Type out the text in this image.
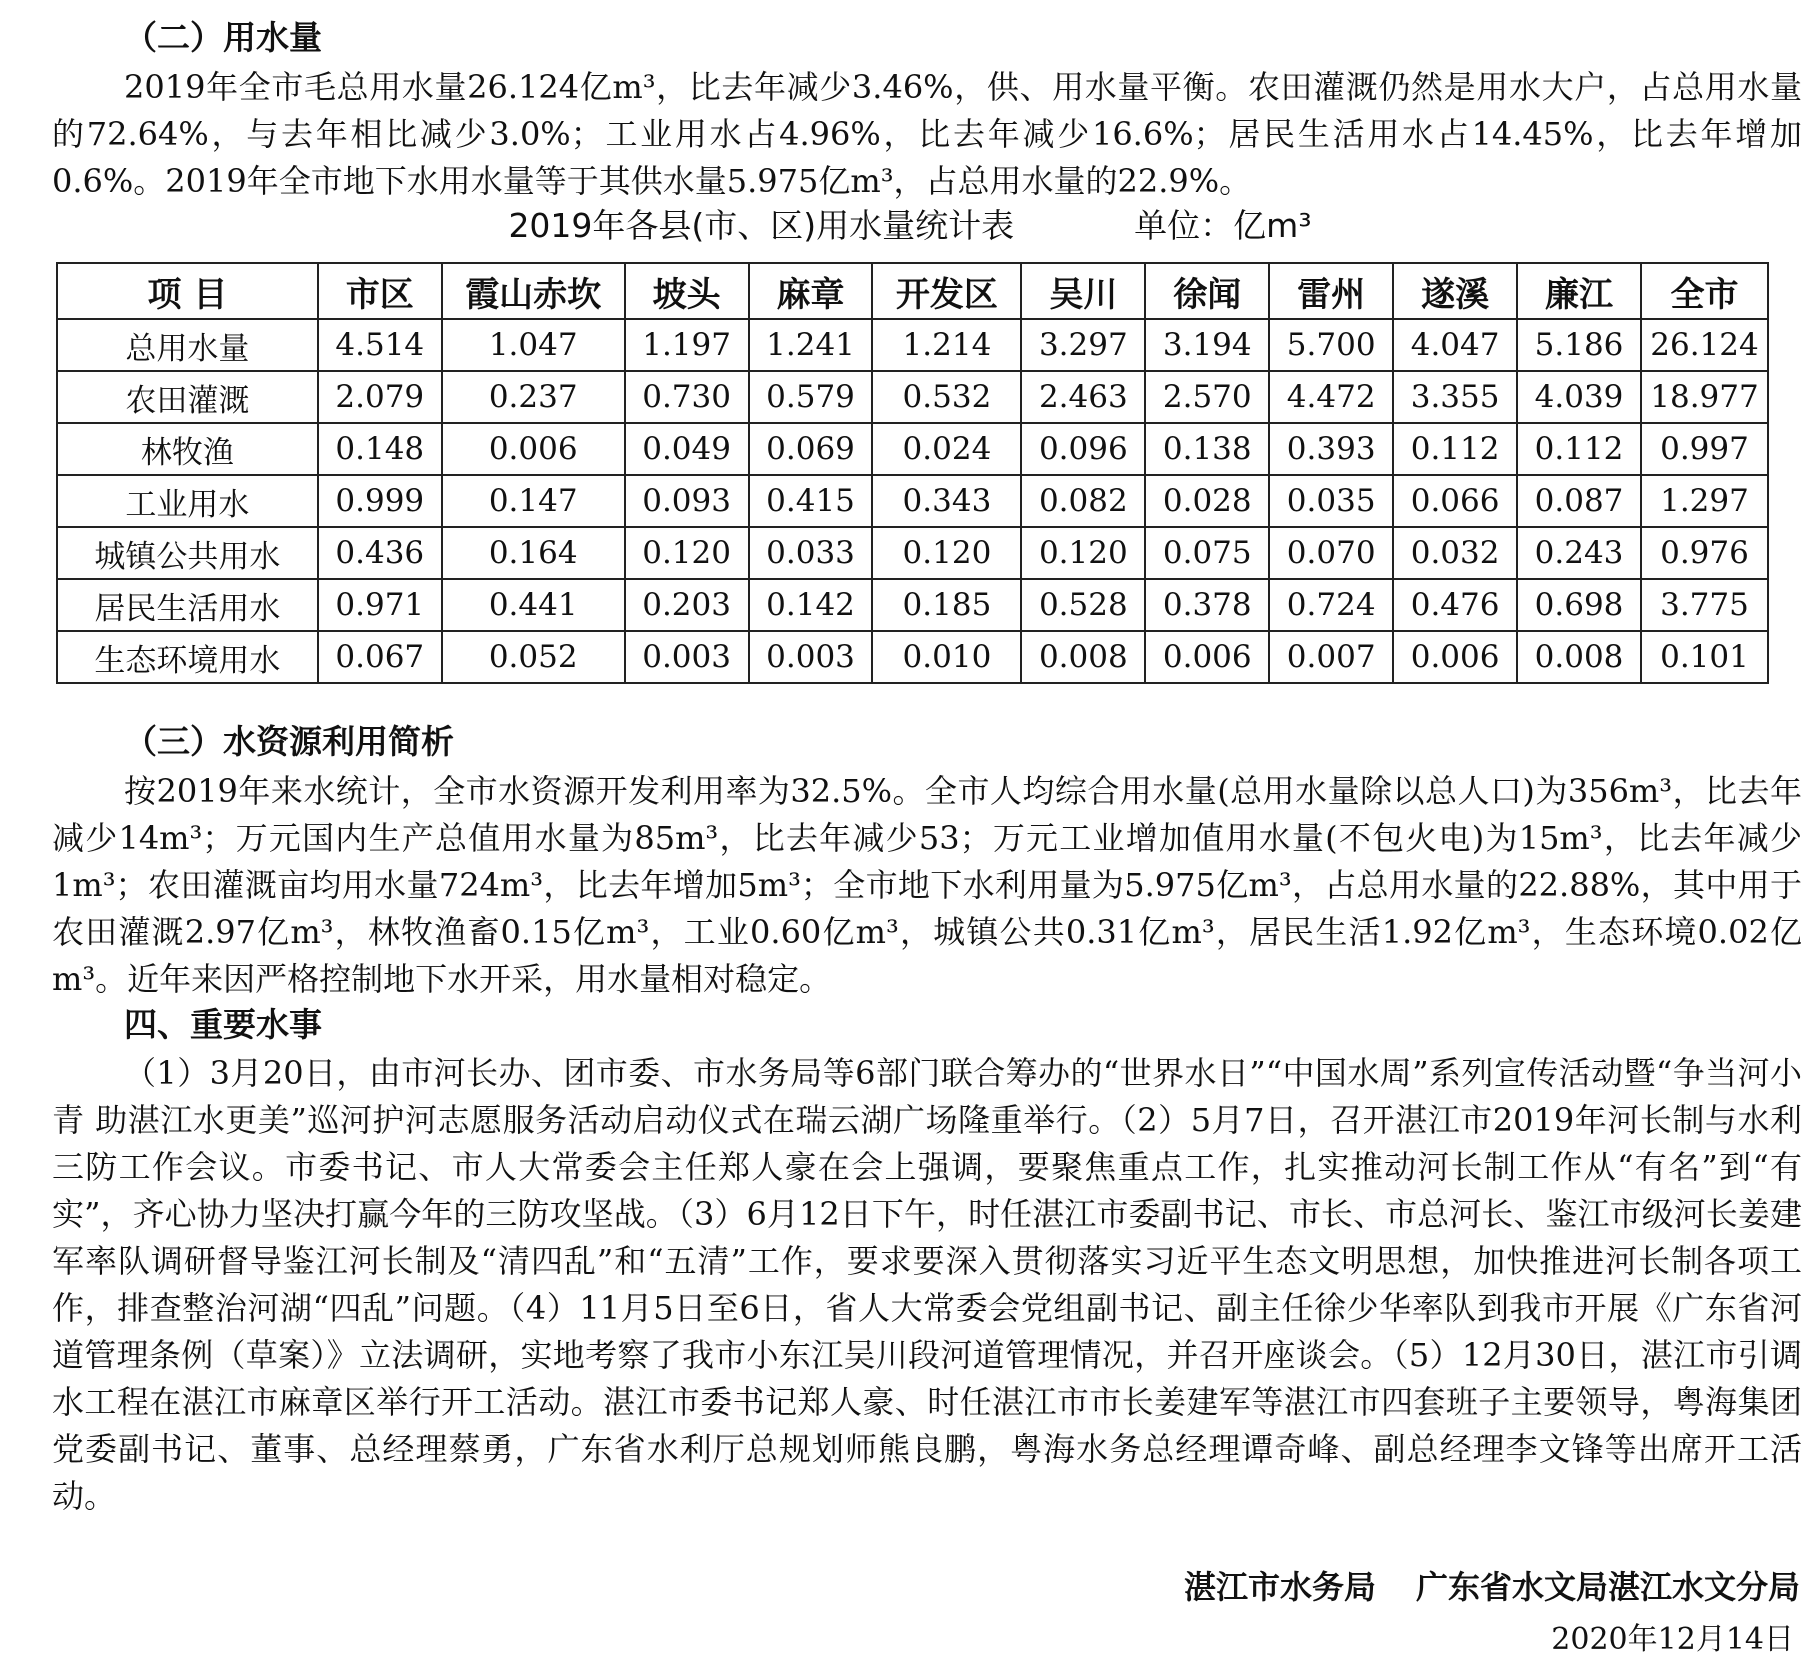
（二）用水量

2019年全市毛总用水量26.124亿m³，比去年减少3.46%，供、用水量平衡。农田灌溉仍然是用水大户，占总用水量的72.64%，与去年相比减少3.0%；工业用水占4.96%，比去年减少16.6%；居民生活用水占14.45%，比去年增加0.6%。2019年全市地下水用水量等于其供水量5.975亿m³，占总用水量的22.9%。

2019年各县(市、区)用水量统计表	单位：亿m³
项 目	市区	霞山赤坎	坡头	麻章	开发区	吴川	徐闻	雷州	遂溪	廉江	全市
总用水量	4.514	1.047	1.197	1.241	1.214	3.297	3.194	5.700	4.047	5.186	26.124
农田灌溉	2.079	0.237	0.730	0.579	0.532	2.463	2.570	4.472	3.355	4.039	18.977
林牧渔	0.148	0.006	0.049	0.069	0.024	0.096	0.138	0.393	0.112	0.112	0.997
工业用水	0.999	0.147	0.093	0.415	0.343	0.082	0.028	0.035	0.066	0.087	1.297
城镇公共用水	0.436	0.164	0.120	0.033	0.120	0.120	0.075	0.070	0.032	0.243	0.976
居民生活用水	0.971	0.441	0.203	0.142	0.185	0.528	0.378	0.724	0.476	0.698	3.775
生态环境用水	0.067	0.052	0.003	0.003	0.010	0.008	0.006	0.007	0.006	0.008	0.101
（三）水资源利用简析

按2019年来水统计，全市水资源开发利用率为32.5%。全市人均综合用水量(总用水量除以总人口)为356m³，比去年减少14m³；万元国内生产总值用水量为85m³，比去年减少53；万元工业增加值用水量(不包火电)为15m³，比去年减少1m³；农田灌溉亩均用水量724m³，比去年增加5m³；全市地下水利用量为5.975亿m³，占总用水量的22.88%，其中用于农田灌溉2.97亿m³，林牧渔畜0.15亿m³，工业0.60亿m³，城镇公共0.31亿m³，居民生活1.92亿m³，生态环境0.02亿m³。近年来因严格控制地下水开采，用水量相对稳定。

四、重要水事

（1）3月20日，由市河长办、团市委、市水务局等6部门联合筹办的“世界水日”“中国水周”系列宣传活动暨“争当河小青 助湛江水更美”巡河护河志愿服务活动启动仪式在瑞云湖广场隆重举行。（2）5月7日，召开湛江市2019年河长制与水利三防工作会议。市委书记、市人大常委会主任郑人豪在会上强调，要聚焦重点工作，扎实推动河长制工作从“有名”到“有实”，齐心协力坚决打赢今年的三防攻坚战。（3）6月12日下午，时任湛江市委副书记、市长、市总河长、鉴江市级河长姜建军率队调研督导鉴江河长制及“清四乱”和“五清”工作，要求要深入贯彻落实习近平生态文明思想，加快推进河长制各项工作，排查整治河湖“四乱”问题。（4）11月5日至6日，省人大常委会党组副书记、副主任徐少华率队到我市开展《广东省河道管理条例（草案）》立法调研，实地考察了我市小东江吴川段河道管理情况，并召开座谈会。（5）12月30日，湛江市引调水工程在湛江市麻章区举行开工活动。湛江市委书记郑人豪、时任湛江市市长姜建军等湛江市四套班子主要领导，粤海集团党委副书记、董事、总经理蔡勇，广东省水利厅总规划师熊良鹏，粤海水务总经理谭奇峰、副总经理李文锋等出席开工活动。

湛江市水务局 广东省水文局湛江水文分局
2020年12月14日
